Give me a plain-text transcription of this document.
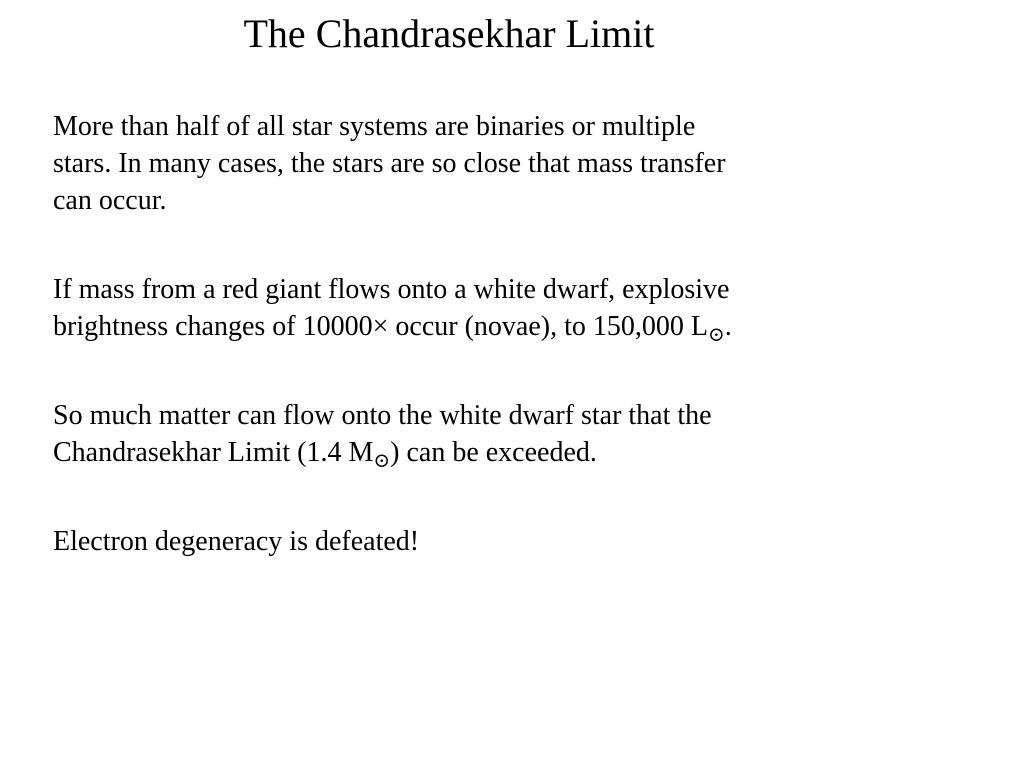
The Chandrasekhar Limit

More than half of all star systems are binaries or multiple stars. In many cases, the stars are so close that mass transfer can occur.

If mass from a red giant flows onto a white dwarf, explosive brightness changes of 10000× occur (novae), to 150,000 $L_⊙$.

So much matter can flow onto the white dwarf star that the Chandrasekhar Limit (1.4 $M_⊙$) can be exceeded.

Electron degeneracy is defeated!
